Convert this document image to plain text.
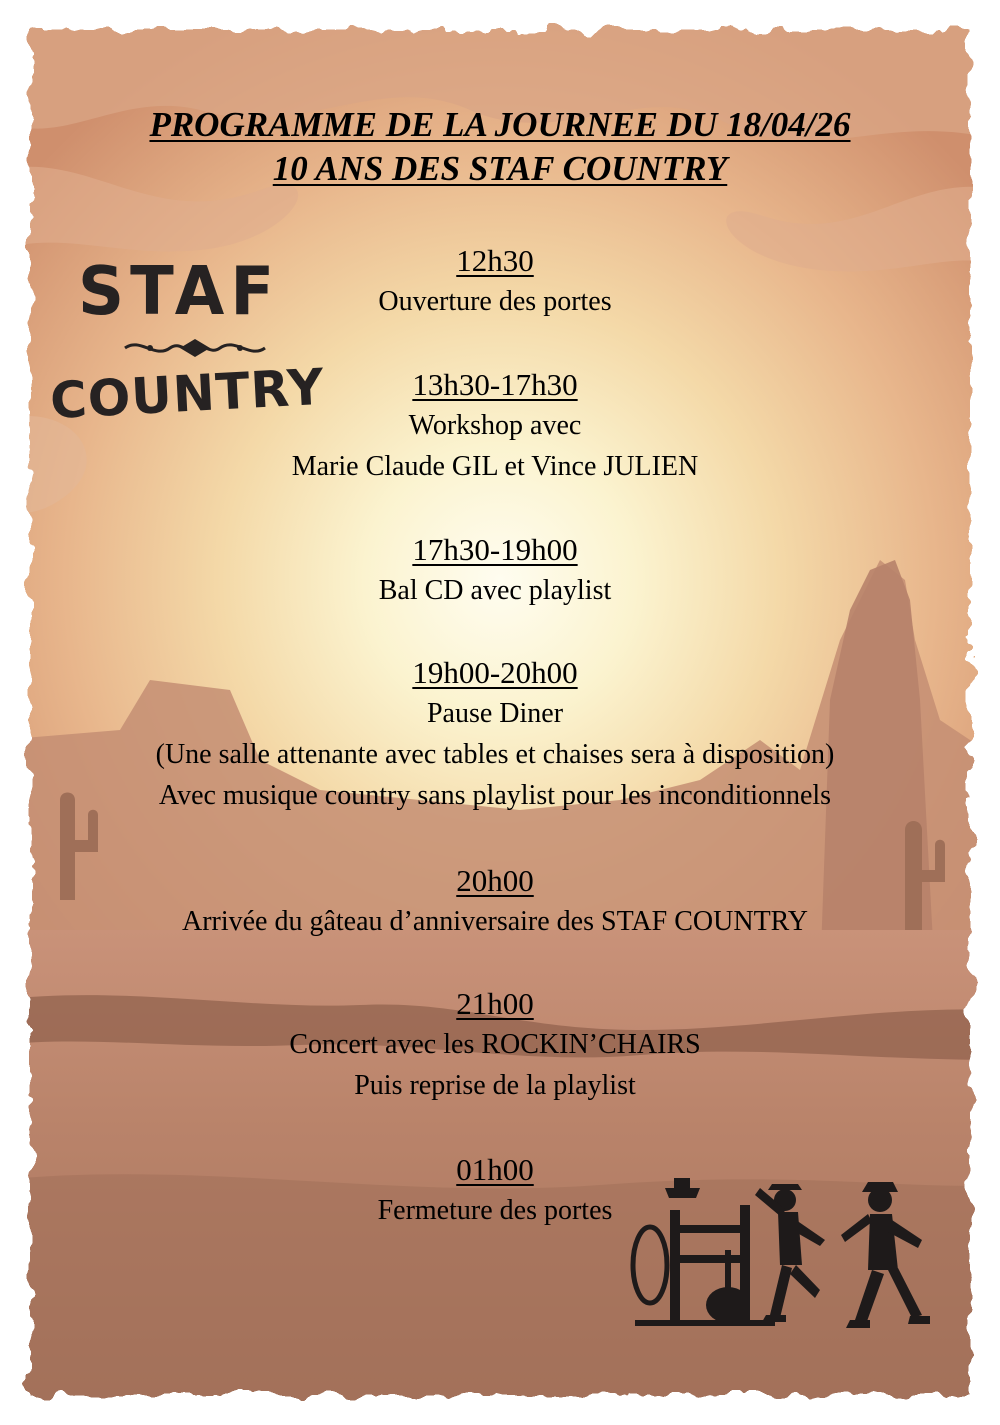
PROGRAMME DE LA JOURNEE DU 18/04/26
10 ANS DES STAF COUNTRY
STAF
COUNTRY
12h30
Ouverture des portes
13h30-17h30
Workshop avec
Marie Claude GIL et Vince JULIEN
17h30-19h00
Bal CD avec playlist
19h00-20h00
Pause Diner
(Une salle attenante avec tables et chaises sera à disposition)
Avec musique country sans playlist pour les inconditionnels
20h00
Arrivée du gâteau d’anniversaire des STAF COUNTRY
21h00
Concert avec les ROCKIN’CHAIRS
Puis reprise de la playlist
01h00
Fermeture des portes
